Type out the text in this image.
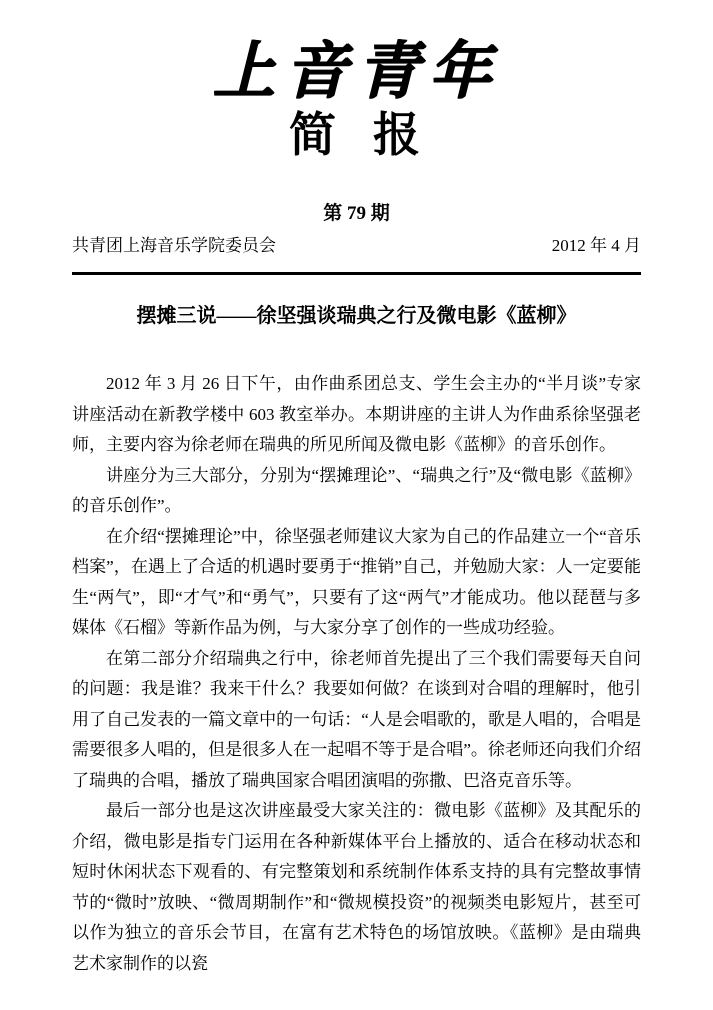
上音青年
简 报
第 79 期
共青团上海音乐学院委员会	2012 年 4 月
摆摊三说——徐坚强谈瑞典之行及微电影《蓝柳》

2012 年 3 月 26 日下午，由作曲系团总支、学生会主办的“半月谈”专家讲座活动在新教学楼中 603 教室举办。本期讲座的主讲人为作曲系徐坚强老师，主要内容为徐老师在瑞典的所见所闻及微电影《蓝柳》的音乐创作。

讲座分为三大部分，分别为“摆摊理论”、“瑞典之行”及“微电影《蓝柳》的音乐创作”。

在介绍“摆摊理论”中，徐坚强老师建议大家为自己的作品建立一个“音乐档案”，在遇上了合适的机遇时要勇于“推销”自己，并勉励大家：人一定要能生“两气”，即“才气”和“勇气”，只要有了这“两气”才能成功。他以琵琶与多媒体《石榴》等新作品为例，与大家分享了创作的一些成功经验。

在第二部分介绍瑞典之行中，徐老师首先提出了三个我们需要每天自问的问题：我是谁？我来干什么？我要如何做？在谈到对合唱的理解时，他引用了自己发表的一篇文章中的一句话：“人是会唱歌的，歌是人唱的，合唱是需要很多人唱的，但是很多人在一起唱不等于是合唱”。徐老师还向我们介绍了瑞典的合唱，播放了瑞典国家合唱团演唱的弥撒、巴洛克音乐等。

最后一部分也是这次讲座最受大家关注的：微电影《蓝柳》及其配乐的介绍，微电影是指专门运用在各种新媒体平台上播放的、适合在移动状态和短时休闲状态下观看的、有完整策划和系统制作体系支持的具有完整故事情节的“微时”放映、“微周期制作”和“微规模投资”的视频类电影短片，甚至可以作为独立的音乐会节目，在富有艺术特色的场馆放映。《蓝柳》是由瑞典艺术家制作的以瓷
